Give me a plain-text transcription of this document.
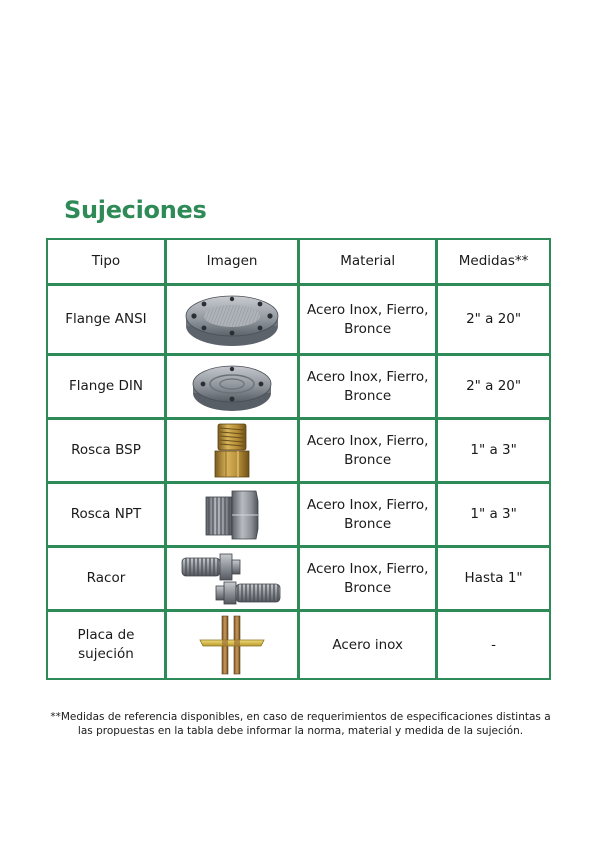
Sujeciones
Tipo	Imagen	Material	Medidas**
Flange ANSI		Acero Inox, Fierro, Bronce	2" a 20"
Flange DIN		Acero Inox, Fierro, Bronce	2" a 20"
Rosca BSP		Acero Inox, Fierro, Bronce	1" a 3"
Rosca NPT		Acero Inox, Fierro, Bronce	1" a 3"
Racor		Acero Inox, Fierro, Bronce	Hasta 1"
Placa de sujeción		Acero inox	-
**Medidas de referencia disponibles, en caso de requerimientos de especificaciones distintas a las propuestas en la tabla debe informar la norma, material y medida de la sujeción.
